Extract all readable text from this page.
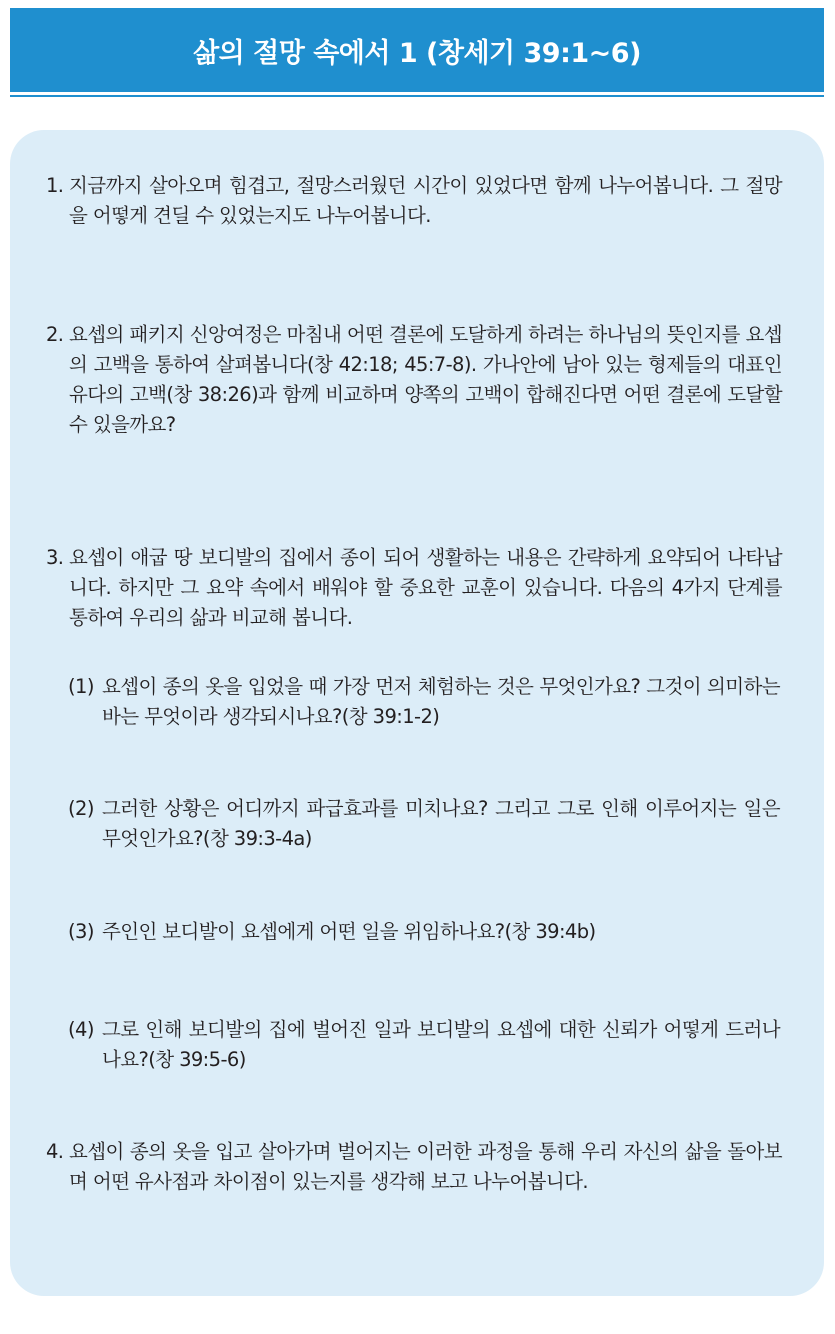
삶의 절망 속에서 1 (창세기 39:1~6)
1. 지금까지 살아오며 힘겹고, 절망스러웠던 시간이 있었다면 함께 나누어봅니다. 그 절망을 어떻게 견딜 수 있었는지도 나누어봅니다.
2. 요셉의 패키지 신앙여정은 마침내 어떤 결론에 도달하게 하려는 하나님의 뜻인지를 요셉의 고백을 통하여 살펴봅니다(창 42:18; 45:7-8). 가나안에 남아 있는 형제들의 대표인 유다의 고백(창 38:26)과 함께 비교하며 양쪽의 고백이 합해진다면 어떤 결론에 도달할 수 있을까요?
3. 요셉이 애굽 땅 보디발의 집에서 종이 되어 생활하는 내용은 간략하게 요약되어 나타납니다. 하지만 그 요약 속에서 배워야 할 중요한 교훈이 있습니다. 다음의 4가지 단계를 통하여 우리의 삶과 비교해 봅니다.
(1) 요셉이 종의 옷을 입었을 때 가장 먼저 체험하는 것은 무엇인가요? 그것이 의미하는 바는 무엇이라 생각되시나요?(창 39:1-2)
(2) 그러한 상황은 어디까지 파급효과를 미치나요? 그리고 그로 인해 이루어지는 일은 무엇인가요?(창 39:3-4a)
(3) 주인인 보디발이 요셉에게 어떤 일을 위임하나요?(창 39:4b)
(4) 그로 인해 보디발의 집에 벌어진 일과 보디발의 요셉에 대한 신뢰가 어떻게 드러나나요?(창 39:5-6)
4. 요셉이 종의 옷을 입고 살아가며 벌어지는 이러한 과정을 통해 우리 자신의 삶을 돌아보며 어떤 유사점과 차이점이 있는지를 생각해 보고 나누어봅니다.
